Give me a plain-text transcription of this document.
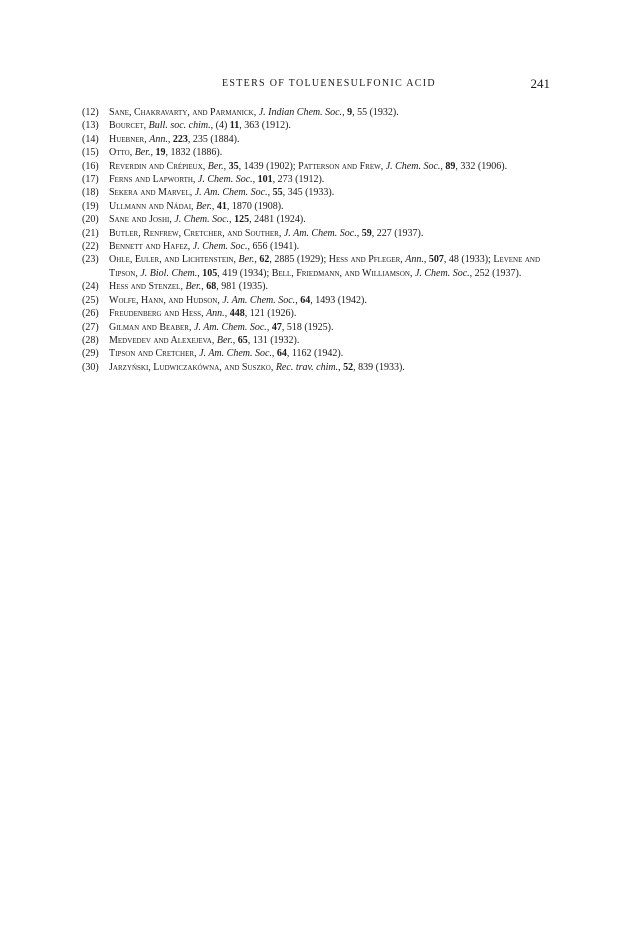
ESTERS OF TOLUENESULFONIC ACID	241
(12) Sane, Chakravarty, and Parmanick, J. Indian Chem. Soc., 9, 55 (1932).
(13) Bourcet, Bull. soc. chim., (4) 11, 363 (1912).
(14) Huebner, Ann., 223, 235 (1884).
(15) Otto, Ber., 19, 1832 (1886).
(16) Reverdin and Crépieux, Ber., 35, 1439 (1902); Patterson and Frew, J. Chem. Soc., 89, 332 (1906).
(17) Ferns and Lapworth, J. Chem. Soc., 101, 273 (1912).
(18) Sekera and Marvel, J. Am. Chem. Soc., 55, 345 (1933).
(19) Ullmann and Nádai, Ber., 41, 1870 (1908).
(20) Sane and Joshi, J. Chem. Soc., 125, 2481 (1924).
(21) Butler, Renfrew, Cretcher, and Souther, J. Am. Chem. Soc., 59, 227 (1937).
(22) Bennett and Hafez, J. Chem. Soc., 656 (1941).
(23) Ohle, Euler, and Lichtenstein, Ber., 62, 2885 (1929); Hess and Pfleger, Ann., 507, 48 (1933); Levene and Tipson, J. Biol. Chem., 105, 419 (1934); Bell, Friedmann, and Williamson, J. Chem. Soc., 252 (1937).
(24) Hess and Stenzel, Ber., 68, 981 (1935).
(25) Wolfe, Hann, and Hudson, J. Am. Chem. Soc., 64, 1493 (1942).
(26) Freudenberg and Hess, Ann., 448, 121 (1926).
(27) Gilman and Beaber, J. Am. Chem. Soc., 47, 518 (1925).
(28) Medvedev and Alexejeva, Ber., 65, 131 (1932).
(29) Tipson and Cretcher, J. Am. Chem. Soc., 64, 1162 (1942).
(30) Jarzyński, Ludwiczakówna, and Suszko, Rec. trav. chim., 52, 839 (1933).
